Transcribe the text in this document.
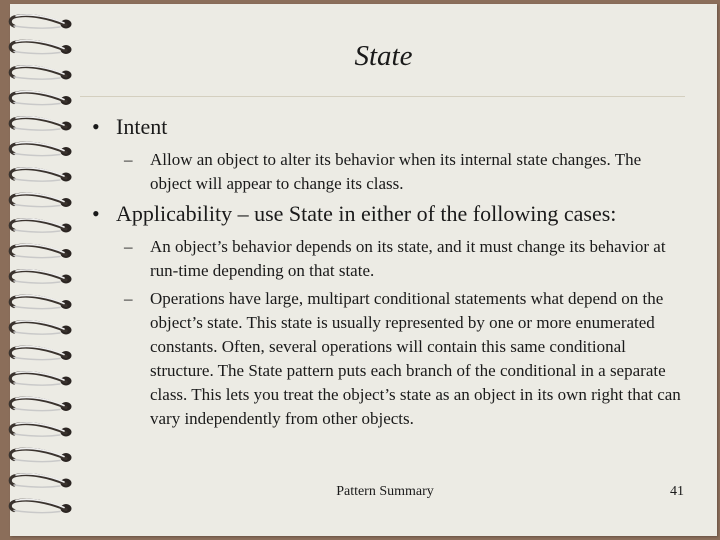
State
• Intent
– Allow an object to alter its behavior when its internal state changes. The object will appear to change its class.
• Applicability – use State in either of the following cases:
– An object’s behavior depends on its state, and it must change its behavior at run-time depending on that state.
– Operations have large, multipart conditional statements what depend on the object’s state. This state is usually represented by one or more enumerated constants. Often, several operations will contain this same conditional structure. The State pattern puts each branch of the conditional in a separate class. This lets you treat the object’s state as an object in its own right that can vary independently from other objects.
Pattern Summary	41
